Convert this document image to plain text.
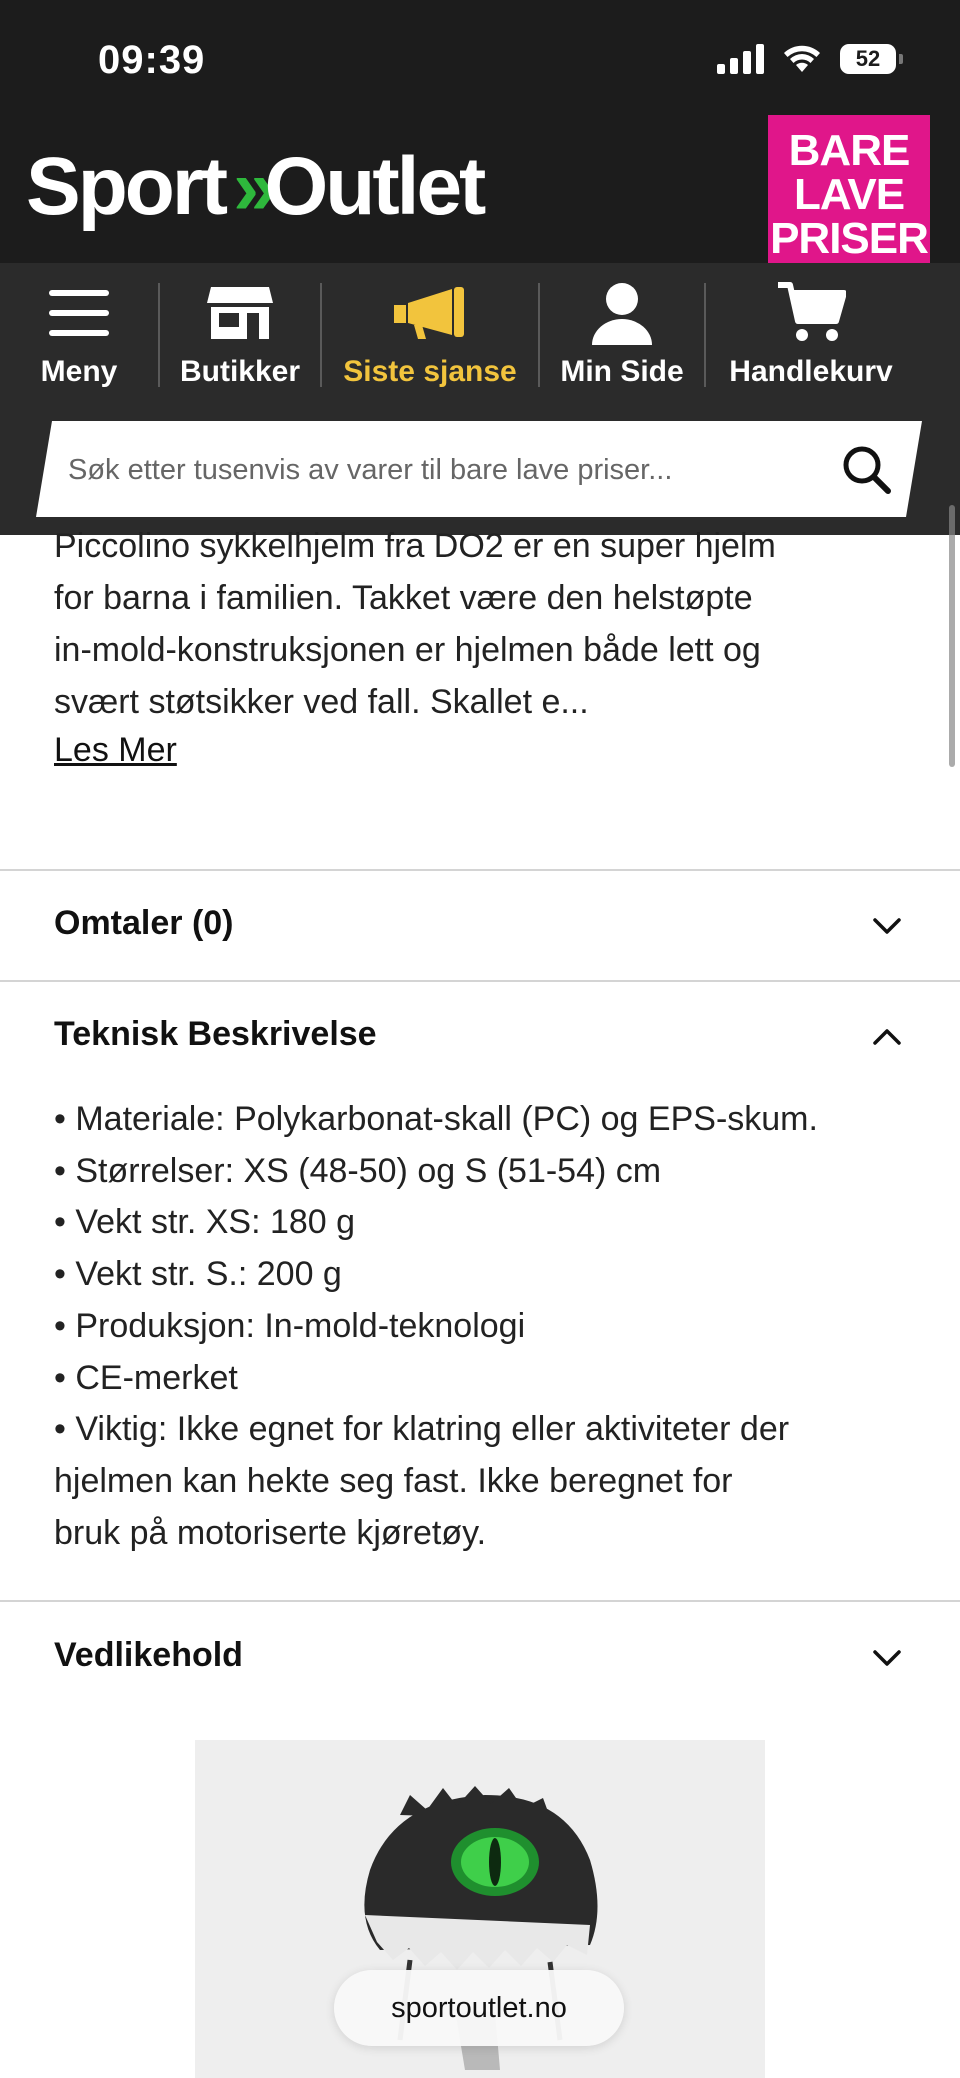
09:39	52
Sport » Outlet	BARE
LAVE
PRISER
Meny Butikker Siste sjanse Min Side Handlekurv
Søk etter tusenvis av varer til bare lave priser...
Piccolino sykkelhjelm fra DO2 er en super hjelm
for barna i familien. Takket være den helstøpte
in-mold-konstruksjonen er hjelmen både lett og
svært støtsikker ved fall. Skallet e...
Les Mer
Omtaler (0)
Teknisk Beskrivelse
• Materiale: Polykarbonat-skall (PC) og EPS-skum.
• Størrelser: XS (48-50) og S (51-54) cm
• Vekt str. XS: 180 g
• Vekt str. S.: 200 g
• Produksjon: In-mold-teknologi
• CE-merket
• Viktig: Ikke egnet for klatring eller aktiviteter der
hjelmen kan hekte seg fast. Ikke beregnet for
bruk på motoriserte kjøretøy.
Vedlikehold
sportoutlet.no
